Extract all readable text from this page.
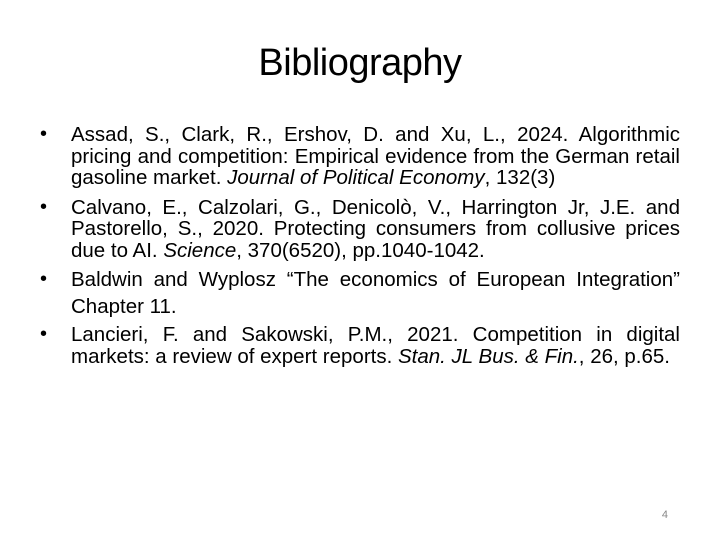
Bibliography
• Assad, S., Clark, R., Ershov, D. and Xu, L., 2024. Algorithmic pricing and competition: Empirical evidence from the German retail gasoline market. Journal of Political Economy, 132(3)
• Calvano, E., Calzolari, G., Denicolò, V., Harrington Jr, J.E. and Pastorello, S., 2020. Protecting consumers from collusive prices due to AI. Science, 370(6520), pp.1040-1042.
• Baldwin and Wyplosz “The economics of European Integration” Chapter 11.
• Lancieri, F. and Sakowski, P.M., 2021. Competition in digital markets: a review of expert reports. Stan. JL Bus. & Fin., 26, p.65.
4
